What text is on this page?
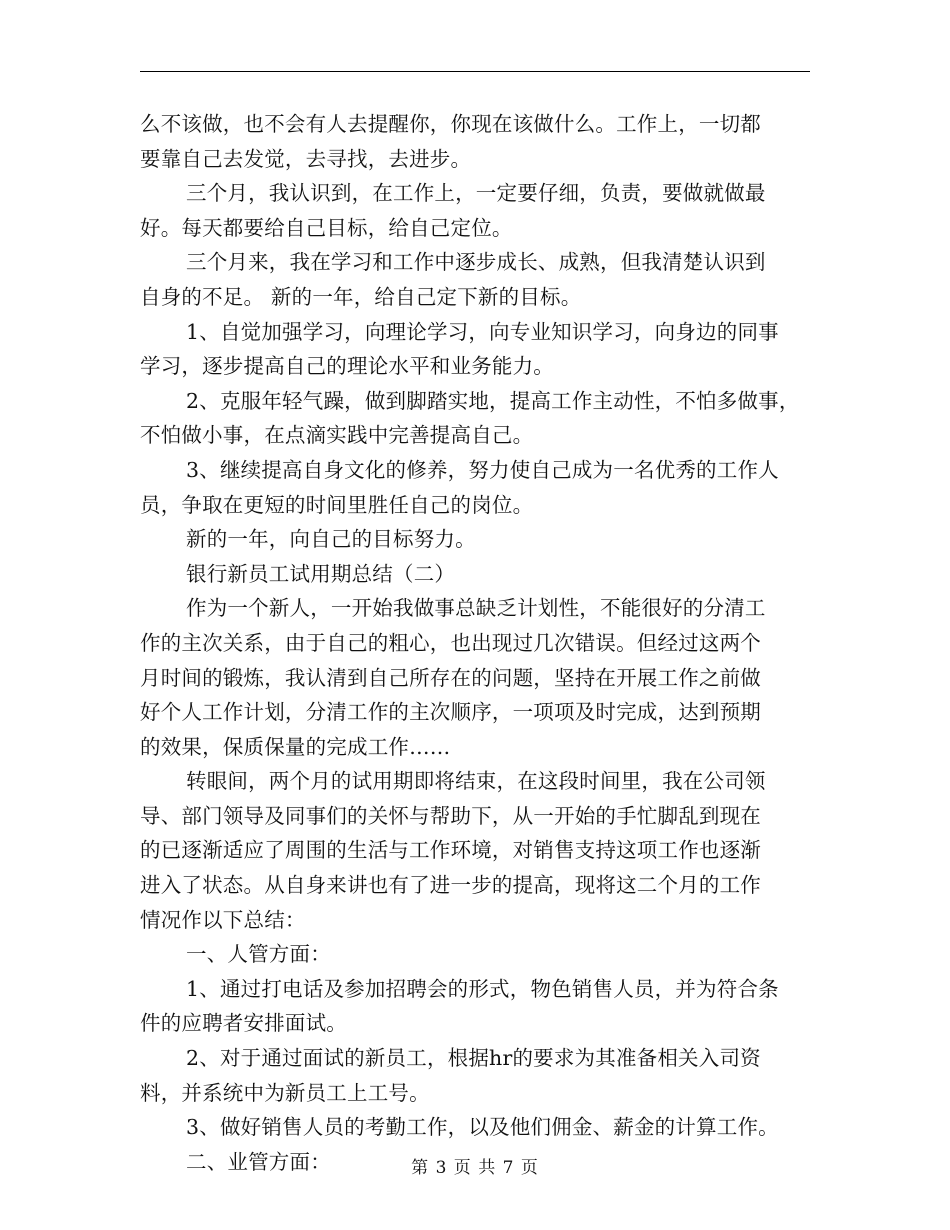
么不该做，也不会有人去提醒你，你现在该做什么。工作上，一切都
要靠自己去发觉，去寻找，去进步。
三个月，我认识到，在工作上，一定要仔细，负责，要做就做最
好。每天都要给自己目标，给自己定位。
三个月来，我在学习和工作中逐步成长、成熟，但我清楚认识到
自身的不足。 新的一年，给自己定下新的目标。
1、自觉加强学习，向理论学习，向专业知识学习，向身边的同事
学习，逐步提高自己的理论水平和业务能力。
2、克服年轻气躁，做到脚踏实地，提高工作主动性，不怕多做事，
不怕做小事，在点滴实践中完善提高自己。
3、继续提高自身文化的修养，努力使自己成为一名优秀的工作人
员，争取在更短的时间里胜任自己的岗位。
新的一年，向自己的目标努力。
银行新员工试用期总结（二）
作为一个新人，一开始我做事总缺乏计划性，不能很好的分清工
作的主次关系，由于自己的粗心，也出现过几次错误。但经过这两个
月时间的锻炼，我认清到自己所存在的问题，坚持在开展工作之前做
好个人工作计划，分清工作的主次顺序，一项项及时完成，达到预期
的效果，保质保量的完成工作……
转眼间，两个月的试用期即将结束，在这段时间里，我在公司领
导、部门领导及同事们的关怀与帮助下，从一开始的手忙脚乱到现在
的已逐渐适应了周围的生活与工作环境，对销售支持这项工作也逐渐
进入了状态。从自身来讲也有了进一步的提高，现将这二个月的工作
情况作以下总结：
一、人管方面：
1、通过打电话及参加招聘会的形式，物色销售人员，并为符合条
件的应聘者安排面试。
2、对于通过面试的新员工，根据hr的要求为其准备相关入司资
料，并系统中为新员工上工号。
3、做好销售人员的考勤工作，以及他们佣金、薪金的计算工作。
二、业管方面：	第 3 页 共 7 页
